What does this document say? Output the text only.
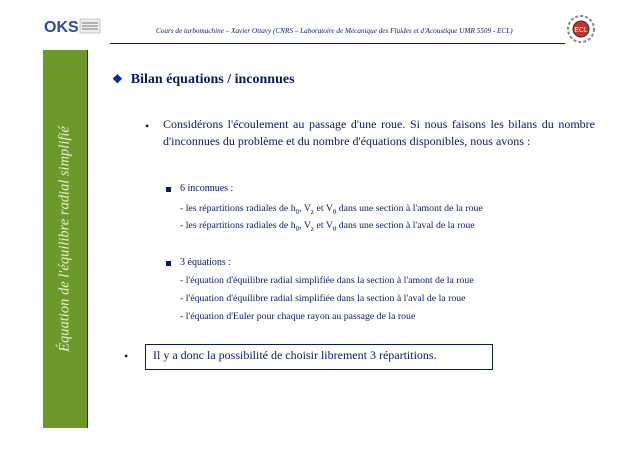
OKS	ECL
Cours de turbomachine – Xavier Ottavy (CNRS – Laboratoire de Mécanique des Fluides et d'Acoustique UMR 5509 - ECL)
Équation de l'équilibre radial simplifié
❖ Bilan équations / inconnues
• Considérons l'écoulement au passage d'une roue. Si nous faisons les bilans du nombre d'inconnues du problème et du nombre d'équations disponibles, nous avons :
6 inconnues :
- les répartitions radiales de $h_0$, $V_z$ et $V_\theta$ dans une section à l'amont de la roue
- les répartitions radiales de $h_0$, $V_z$ et $V_\theta$ dans une section à l'aval de la roue
3 équations :
- l'équation d'équilibre radial simplifiée dans la section à l'amont de la roue
- l'équation d'équilibre radial simplifiée dans la section à l'aval de la roue
- l'équation d'Euler pour chaque rayon au passage de la roue
• Il y a donc la possibilité de choisir librement 3 répartitions.
